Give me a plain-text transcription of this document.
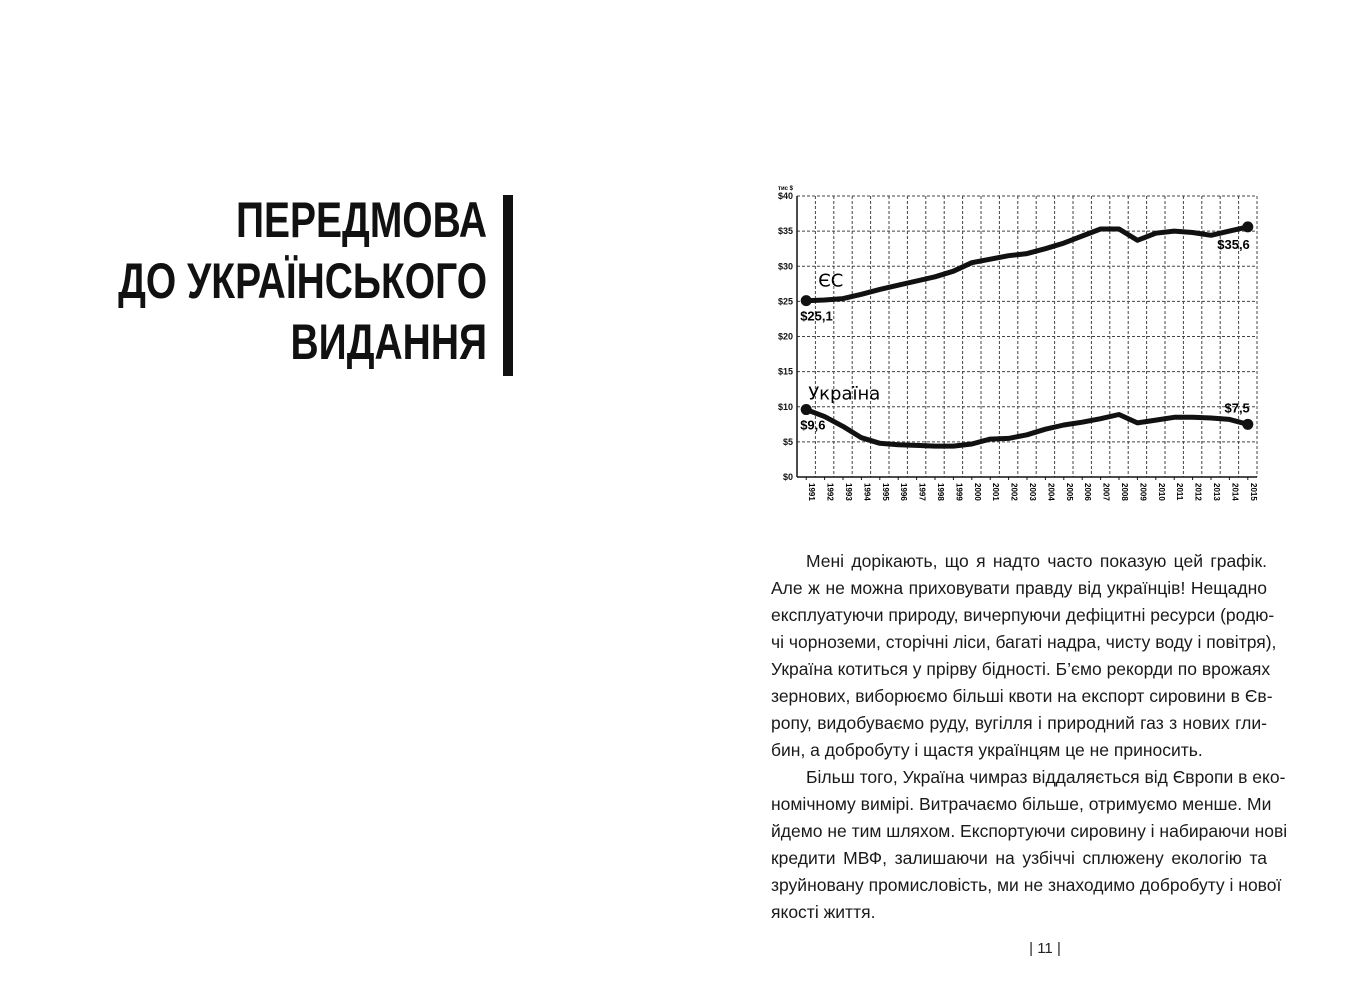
ПЕРЕДМОВА
ДО УКРАЇНСЬКОГО
ВИДАННЯ
$0
$5
$10
$15
$20
$25
$30
$35
$40
тис $
1991 1992 1993 1994 1995 1996 1997 1998 1999 2000 2001 2002 2003 2004 2005 2006 2007 2008 2009 2010 2011 2012 2013 2014 2015
$25,1
$35,6
ЄС
$9,6
$7,5
Україна
Мені дорікають, що я надто часто показую цей графік.
Але ж не можна приховувати правду від українців! Нещадно
експлуатуючи природу, вичерпуючи дефіцитні ресурси (родю-
чі чорноземи, сторічні ліси, багаті надра, чисту воду і повітря),
Україна котиться у прірву бідності. Б’ємо рекорди по врожаях
зернових, виборюємо більші квоти на експорт сировини в Єв-
ропу, видобуваємо руду, вугілля і природний газ з нових гли-
бин, а добробуту і щастя українцям це не приносить.
Більш того, Україна чимраз віддаляється від Європи в еко-
номічному вимірі. Витрачаємо більше, отримуємо менше. Ми
йдемо не тим шляхом. Експортуючи сировину і набираючи нові
кредити МВФ, залишаючи на узбіччі сплюжену екологію та
зруйновану промисловість, ми не знаходимо добробуту і нової
якості життя.
| 11 |
